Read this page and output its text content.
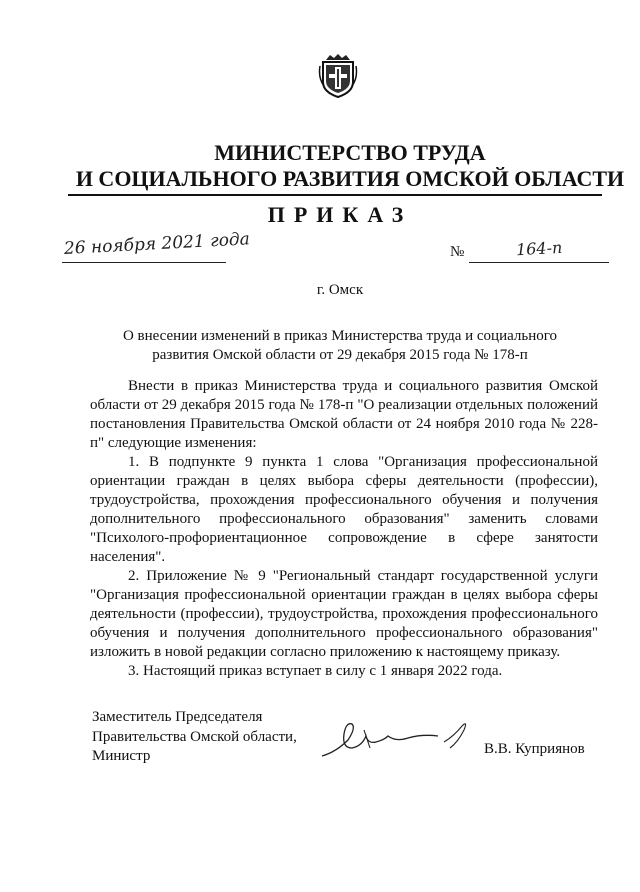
МИНИСТЕРСТВО ТРУДА
И СОЦИАЛЬНОГО РАЗВИТИЯ ОМСКОЙ ОБЛАСТИ
ПРИКАЗ
26 ноября 2021 года	№	164-п
г. Омск
О внесении изменений в приказ Министерства труда и социального
развития Омской области от 29 декабря 2015 года № 178-п

Внести в приказ Министерства труда и социального развития Омской области от 29 декабря 2015 года № 178-п "О реализации отдельных положений постановления Правительства Омской области от 24 ноября 2010 года № 228-п" следующие изменения:

1. В подпункте 9 пункта 1 слова "Организация профессиональной ориентации граждан в целях выбора сферы деятельности (профессии), трудоустройства, прохождения профессионального обучения и получения дополнительного профессионального образования" заменить словами "Психолого-профориентационное сопровождение в сфере занятости населения".

2. Приложение № 9 "Региональный стандарт государственной услуги "Организация профессиональной ориентации граждан в целях выбора сферы деятельности (профессии), трудоустройства, прохождения профессионального обучения и получения дополнительного профессионального образования" изложить в новой редакции согласно приложению к настоящему приказу.

3. Настоящий приказ вступает в силу с 1 января 2022 года.

Заместитель Председателя
Правительства Омской области,
Министр	В.В. Куприянов
